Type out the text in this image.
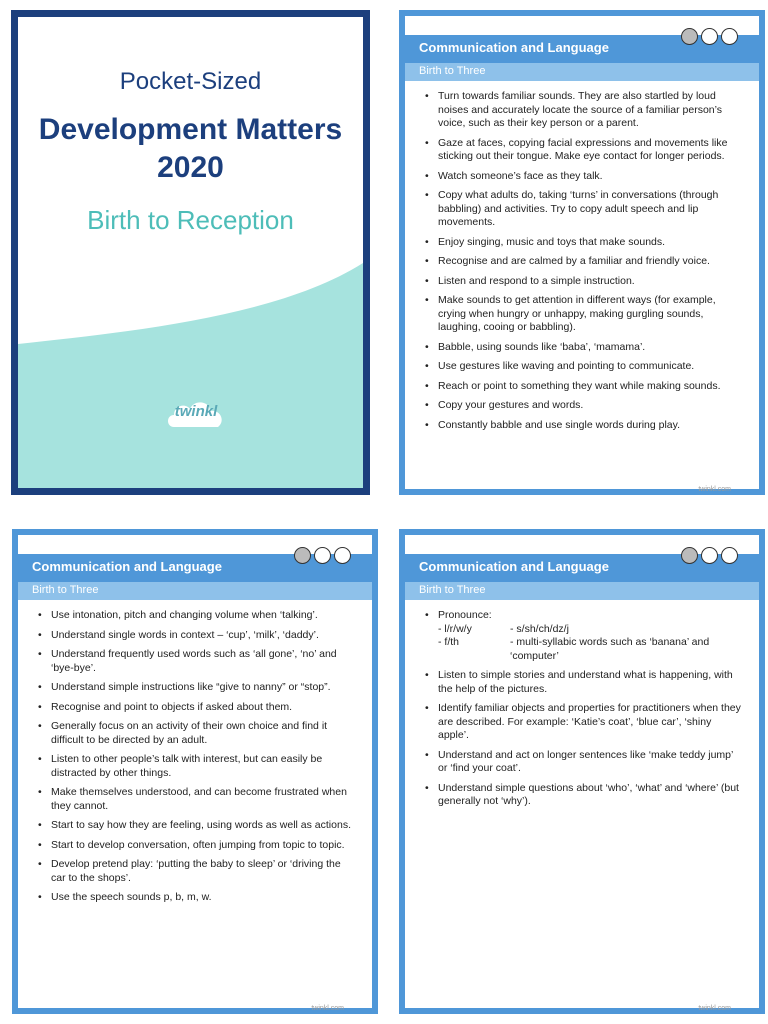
Pocket-Sized
Development Matters
2020
Birth to Reception
twinkl
Communication and Language
Birth to Three
• Turn towards familiar sounds. They are also startled by loud noises and accurately locate the source of a familiar person’s voice, such as their key person or a parent.
• Gaze at faces, copying facial expressions and movements like sticking out their tongue. Make eye contact for longer periods.
• Watch someone’s face as they talk.
• Copy what adults do, taking ‘turns’ in conversations (through babbling) and activities. Try to copy adult speech and lip movements.
• Enjoy singing, music and toys that make sounds.
• Recognise and are calmed by a familiar and friendly voice.
• Listen and respond to a simple instruction.
• Make sounds to get attention in different ways (for example, crying when hungry or unhappy, making gurgling sounds, laughing, cooing or babbling).
• Babble, using sounds like ‘baba’, ‘mamama’.
• Use gestures like waving and pointing to communicate.
• Reach or point to something they want while making sounds.
• Copy your gestures and words.
• Constantly babble and use single words during play.
twinkl.com
Communication and Language
Birth to Three
• Use intonation, pitch and changing volume when ‘talking’.
• Understand single words in context – ‘cup’, ‘milk’, ‘daddy’.
• Understand frequently used words such as ‘all gone’, ‘no’ and ‘bye-bye’.
• Understand simple instructions like “give to nanny” or “stop”.
• Recognise and point to objects if asked about them.
• Generally focus on an activity of their own choice and find it difficult to be directed by an adult.
• Listen to other people’s talk with interest, but can easily be distracted by other things.
• Make themselves understood, and can become frustrated when they cannot.
• Start to say how they are feeling, using words as well as actions.
• Start to develop conversation, often jumping from topic to topic.
• Develop pretend play: ‘putting the baby to sleep’ or ‘driving the car to the shops’.
• Use the speech sounds p, b, m, w.
twinkl.com
Communication and Language
Birth to Three
• Pronounce:
- l/r/w/y	- s/sh/ch/dz/j
- f/th	- multi-syllabic words such as ‘banana’ and ‘computer’
• Listen to simple stories and understand what is happening, with the help of the pictures.
• Identify familiar objects and properties for practitioners when they are described. For example: ‘Katie’s coat’, ‘blue car’, ‘shiny apple’.
• Understand and act on longer sentences like ‘make teddy jump’ or ‘find your coat’.
• Understand simple questions about ‘who’, ‘what’ and ‘where’ (but generally not ‘why’).
twinkl.com
